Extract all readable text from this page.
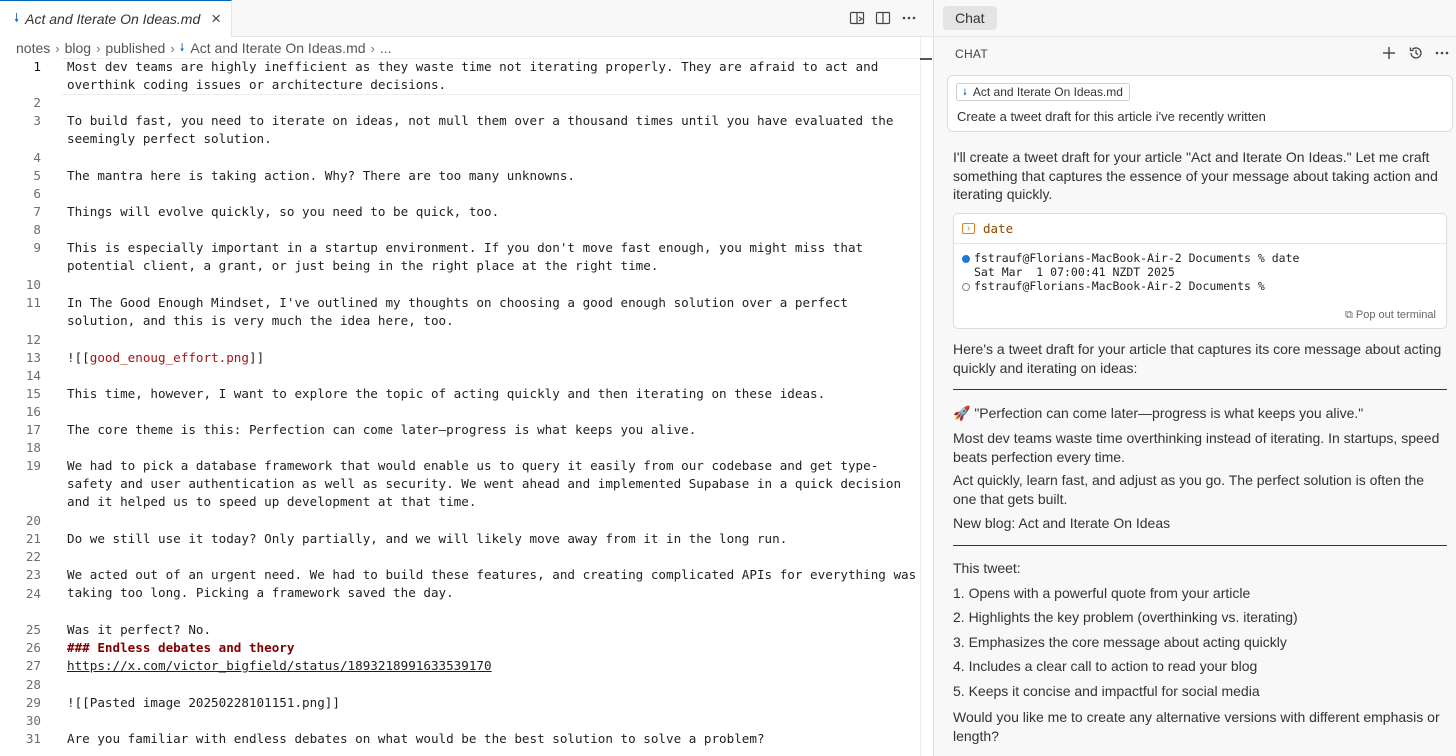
🠗 Act and Iterate On Ideas.md ×
notes › blog › published › 🠗 Act and Iterate On Ideas.md › ...
1 Most dev teams are highly inefficient as they waste time not iterating properly. They are afraid to act and overthink coding issues or architecture decisions.
2
3 To build fast, you need to iterate on ideas, not mull them over a thousand times until you have evaluated the seemingly perfect solution.
4
5 The mantra here is taking action. Why? There are too many unknowns.
6
7 Things will evolve quickly, so you need to be quick, too.
8
9 This is especially important in a startup environment. If you don't move fast enough, you might miss that potential client, a grant, or just being in the right place at the right time.
10
11 In The Good Enough Mindset, I've outlined my thoughts on choosing a good enough solution over a perfect solution, and this is very much the idea here, too.
12
13 ![[good_enoug_effort.png]]
14
15 This time, however, I want to explore the topic of acting quickly and then iterating on these ideas.
16
17 The core theme is this: Perfection can come later—progress is what keeps you alive.
18
19 We had to pick a database framework that would enable us to query it easily from our codebase and get type-safety and user authentication as well as security. We went ahead and implemented Supabase in a quick decision and it helped us to speed up development at that time.
20
21 Do we still use it today? Only partially, and we will likely move away from it in the long run.
22
23 We acted out of an urgent need. We had to build these features, and creating complicated APIs for everything was taking too long. Picking a framework saved the day.
24
25 Was it perfect? No.
26 ### Endless debates and theory
27 https://x.com/victor_bigfield/status/1893218991633539170
28
29 ![[Pasted image 20250228101151.png]]
30
31 Are you familiar with endless debates on what would be the best solution to solve a problem?
Chat
CHAT
🠗 Act and Iterate On Ideas.md
Create a tweet draft for this article i've recently written
I'll create a tweet draft for your article "Act and Iterate On Ideas." Let me craft something that captures the essence of your message about taking action and iterating quickly.
›	date
fstrauf@Florians-MacBook-Air-2 Documents % date
Sat Mar  1 07:00:41 NZDT 2025
fstrauf@Florians-MacBook-Air-2 Documents %
⧉ Pop out terminal
Here's a tweet draft for your article that captures its core message about acting quickly and iterating on ideas:
🚀 "Perfection can come later—progress is what keeps you alive."
Most dev teams waste time overthinking instead of iterating. In startups, speed beats perfection every time.
Act quickly, learn fast, and adjust as you go. The perfect solution is often the one that gets built.
New blog: Act and Iterate On Ideas
This tweet:
1. Opens with a powerful quote from your article
2. Highlights the key problem (overthinking vs. iterating)
3. Emphasizes the core message about acting quickly
4. Includes a clear call to action to read your blog
5. Keeps it concise and impactful for social media
Would you like me to create any alternative versions with different emphasis or length?
